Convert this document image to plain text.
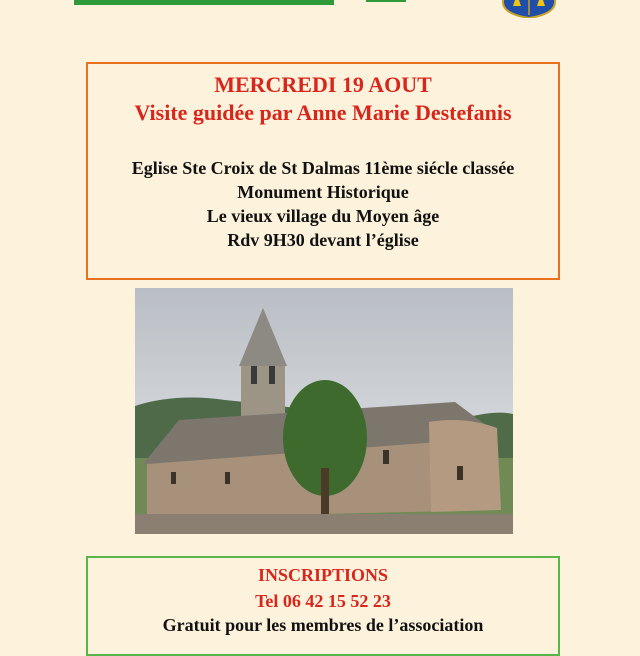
MERCREDI 19 AOUT
Visite guidée par Anne Marie Destefanis
Eglise Ste Croix de St Dalmas 11ème siécle classée
Monument Historique
Le vieux village du Moyen âge
Rdv 9H30 devant l’église
INSCRIPTIONS
Tel 06 42 15 52 23
Gratuit pour les membres de l’association
